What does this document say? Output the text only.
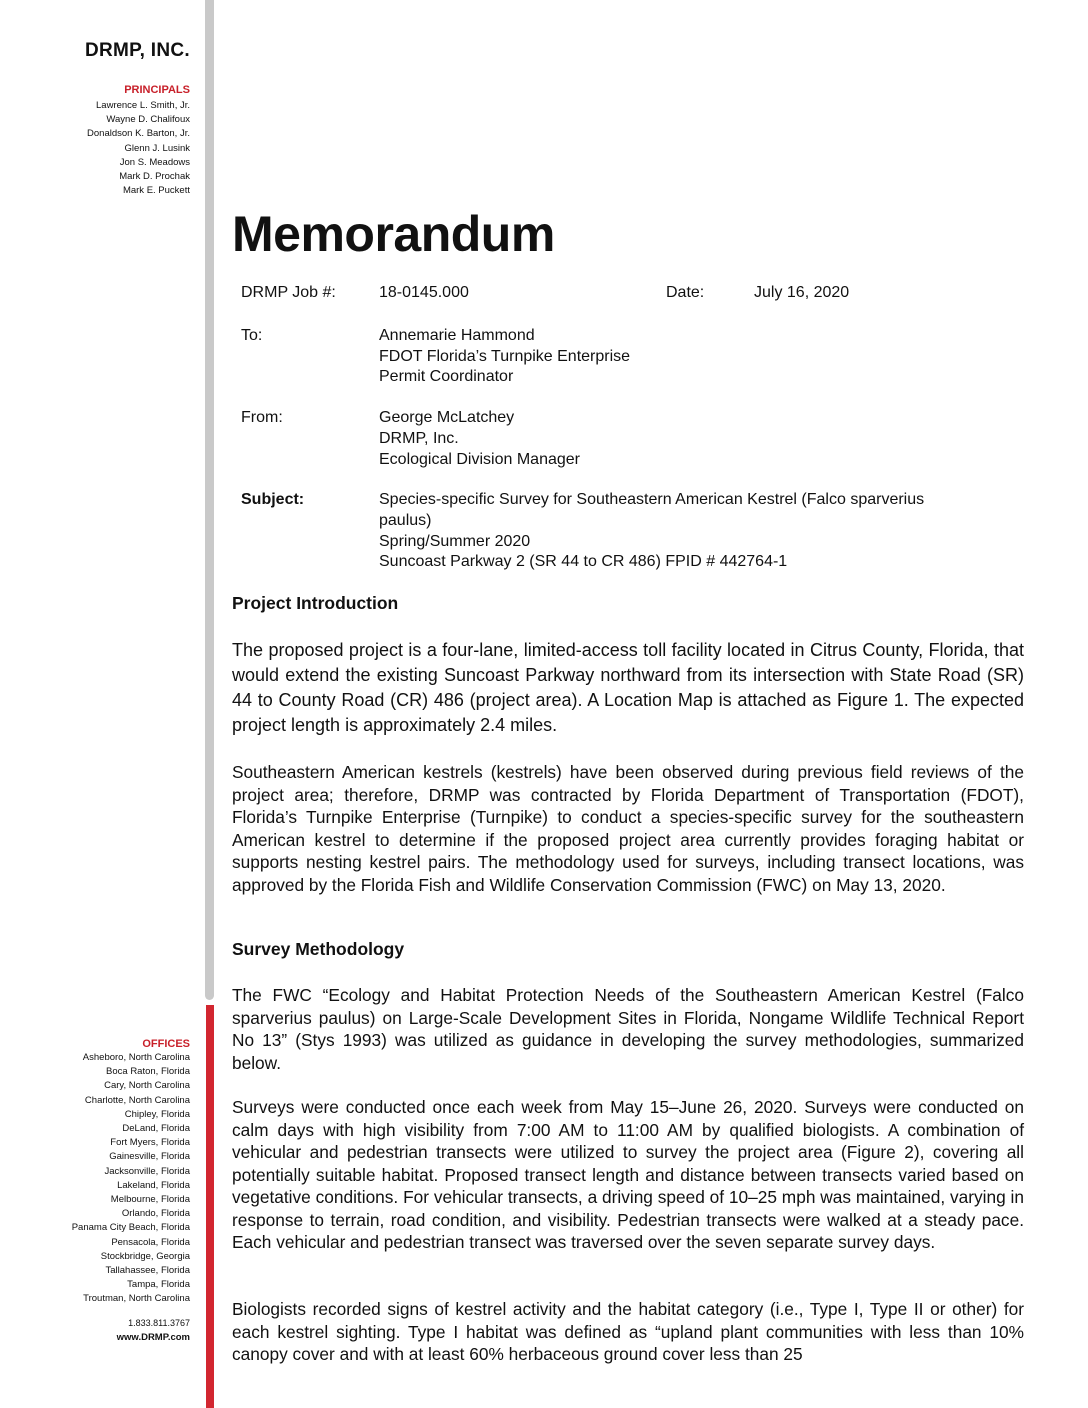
DRMP, INC.
PRINCIPALS
Lawrence L. Smith, Jr.
Wayne D. Chalifoux
Donaldson K. Barton, Jr.
Glenn J. Lusink
Jon S. Meadows
Mark D. Prochak
Mark E. Puckett
OFFICES
Asheboro, North Carolina
Boca Raton, Florida
Cary, North Carolina
Charlotte, North Carolina
Chipley, Florida
DeLand, Florida
Fort Myers, Florida
Gainesville, Florida
Jacksonville, Florida
Lakeland, Florida
Melbourne, Florida
Orlando, Florida
Panama City Beach, Florida
Pensacola, Florida
Stockbridge, Georgia
Tallahassee, Florida
Tampa, Florida
Troutman, North Carolina
1.833.811.3767
www.DRMP.com
Memorandum
DRMP Job #:	18-0145.000	Date:	July 16, 2020
To:	Annemarie Hammond
FDOT Florida’s Turnpike Enterprise
Permit Coordinator
From:	George McLatchey
DRMP, Inc.
Ecological Division Manager
Subject:	Species-specific Survey for Southeastern American Kestrel (Falco sparverius
paulus)
Spring/Summer 2020
Suncoast Parkway 2 (SR 44 to CR 486) FPID # 442764-1
Project Introduction

The proposed project is a four-lane, limited-access toll facility located in Citrus County, Florida, that would extend the existing Suncoast Parkway northward from its intersection with State Road (SR) 44 to County Road (CR) 486 (project area). A Location Map is attached as Figure 1. The expected project length is approximately 2.4 miles.

Southeastern American kestrels (kestrels) have been observed during previous field reviews of the project area; therefore, DRMP was contracted by Florida Department of Transportation (FDOT), Florida’s Turnpike Enterprise (Turnpike) to conduct a species-specific survey for the southeastern American kestrel to determine if the proposed project area currently provides foraging habitat or supports nesting kestrel pairs. The methodology used for surveys, including transect locations, was approved by the Florida Fish and Wildlife Conservation Commission (FWC) on May 13, 2020.

Survey Methodology

The FWC “Ecology and Habitat Protection Needs of the Southeastern American Kestrel (Falco sparverius paulus) on Large-Scale Development Sites in Florida, Nongame Wildlife Technical Report No 13” (Stys 1993) was utilized as guidance in developing the survey methodologies, summarized below.

Surveys were conducted once each week from May 15–June 26, 2020. Surveys were conducted on calm days with high visibility from 7:00 AM to 11:00 AM by qualified biologists. A combination of vehicular and pedestrian transects were utilized to survey the project area (Figure 2), covering all potentially suitable habitat. Proposed transect length and distance between transects varied based on vegetative conditions. For vehicular transects, a driving speed of 10–25 mph was maintained, varying in response to terrain, road condition, and visibility. Pedestrian transects were walked at a steady pace. Each vehicular and pedestrian transect was traversed over the seven separate survey days.

Biologists recorded signs of kestrel activity and the habitat category (i.e., Type I, Type II or other) for each kestrel sighting. Type I habitat was defined as “upland plant communities with less than 10% canopy cover and with at least 60% herbaceous ground cover less than 25
